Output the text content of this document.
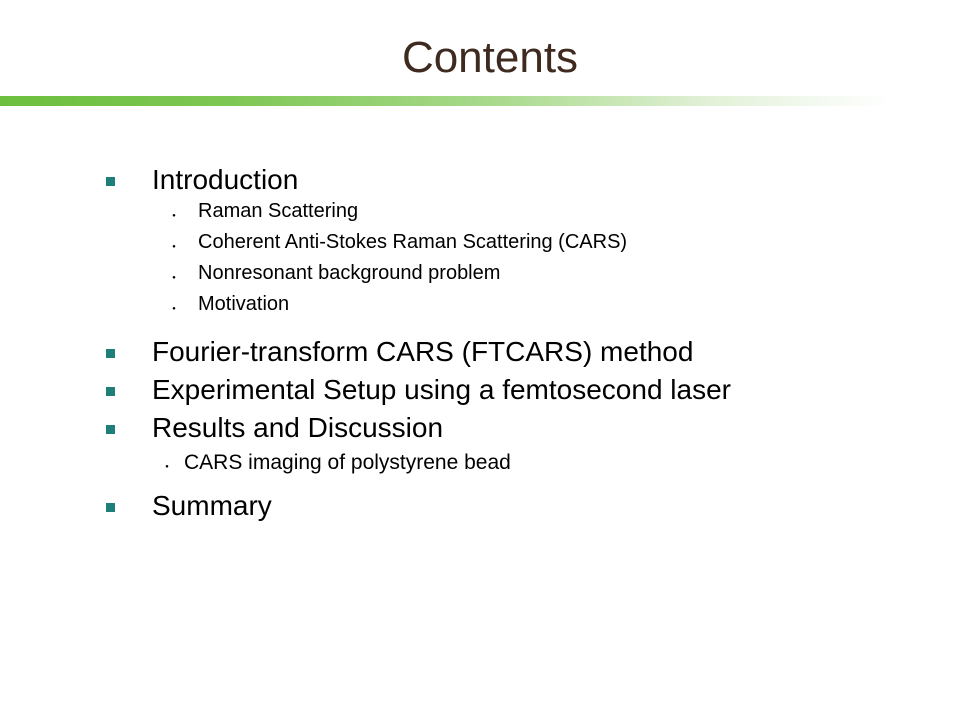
Contents
Introduction
・ Raman Scattering
・ Coherent Anti-Stokes Raman Scattering (CARS)
・ Nonresonant background problem
・ Motivation
Fourier-transform CARS (FTCARS) method
Experimental Setup using a femtosecond laser
Results and Discussion
・ CARS imaging of polystyrene bead
Summary
